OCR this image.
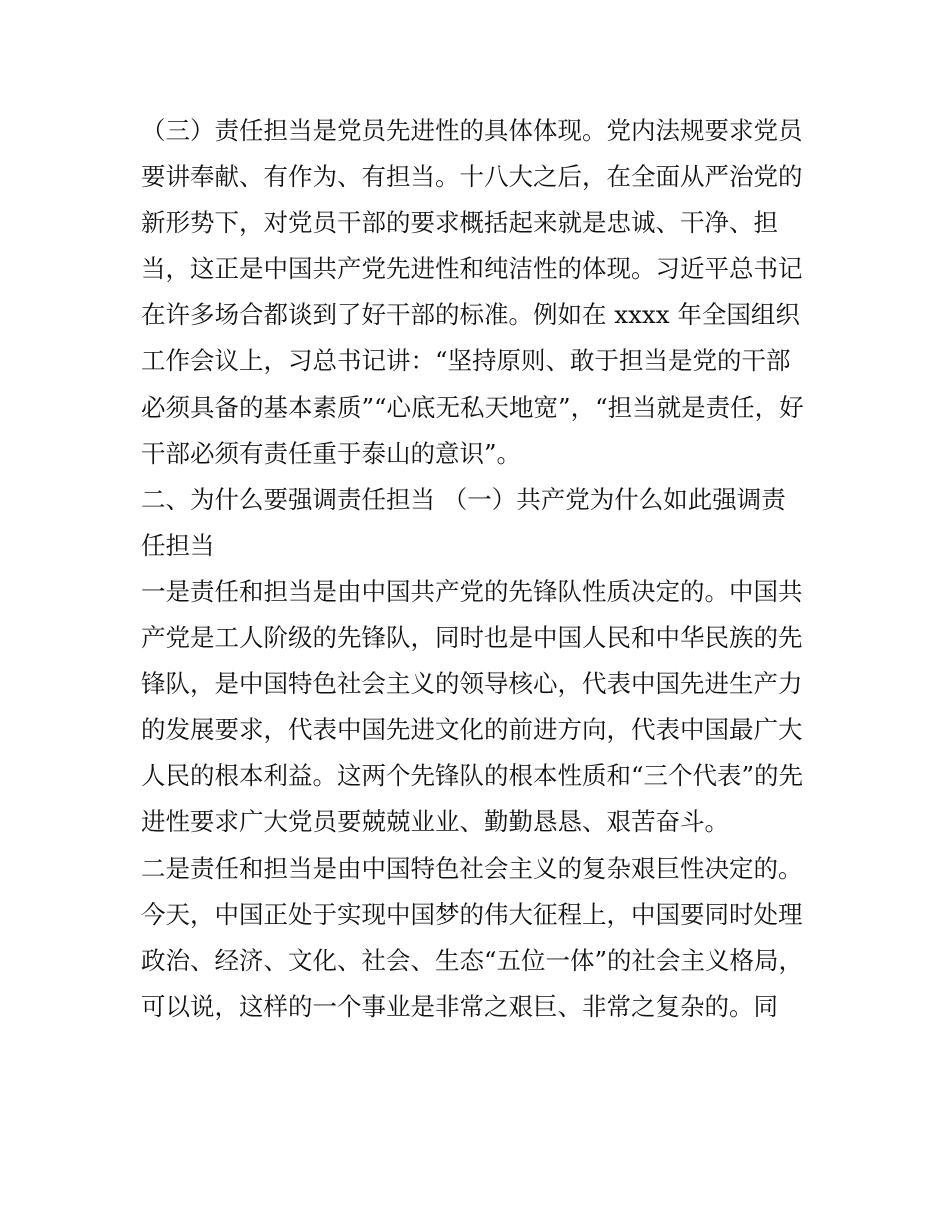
（三）责任担当是党员先进性的具体体现。党内法规要求党员
要讲奉献、有作为、有担当。十八大之后，在全面从严治党的
新形势下，对党员干部的要求概括起来就是忠诚、干净、担
当，这正是中国共产党先进性和纯洁性的体现。习近平总书记
在许多场合都谈到了好干部的标准。例如在 xxxx 年全国组织
工作会议上，习总书记讲：“坚持原则、敢于担当是党的干部
必须具备的基本素质”“心底无私天地宽”，“担当就是责任，好
干部必须有责任重于泰山的意识”。
二、为什么要强调责任担当 （一）共产党为什么如此强调责
任担当
一是责任和担当是由中国共产党的先锋队性质决定的。中国共
产党是工人阶级的先锋队，同时也是中国人民和中华民族的先
锋队，是中国特色社会主义的领导核心，代表中国先进生产力
的发展要求，代表中国先进文化的前进方向，代表中国最广大
人民的根本利益。这两个先锋队的根本性质和“三个代表”的先
进性要求广大党员要兢兢业业、勤勤恳恳、艰苦奋斗。
二是责任和担当是由中国特色社会主义的复杂艰巨性决定的。
今天，中国正处于实现中国梦的伟大征程上，中国要同时处理
政治、经济、文化、社会、生态“五位一体”的社会主义格局，
可以说，这样的一个事业是非常之艰巨、非常之复杂的。同
